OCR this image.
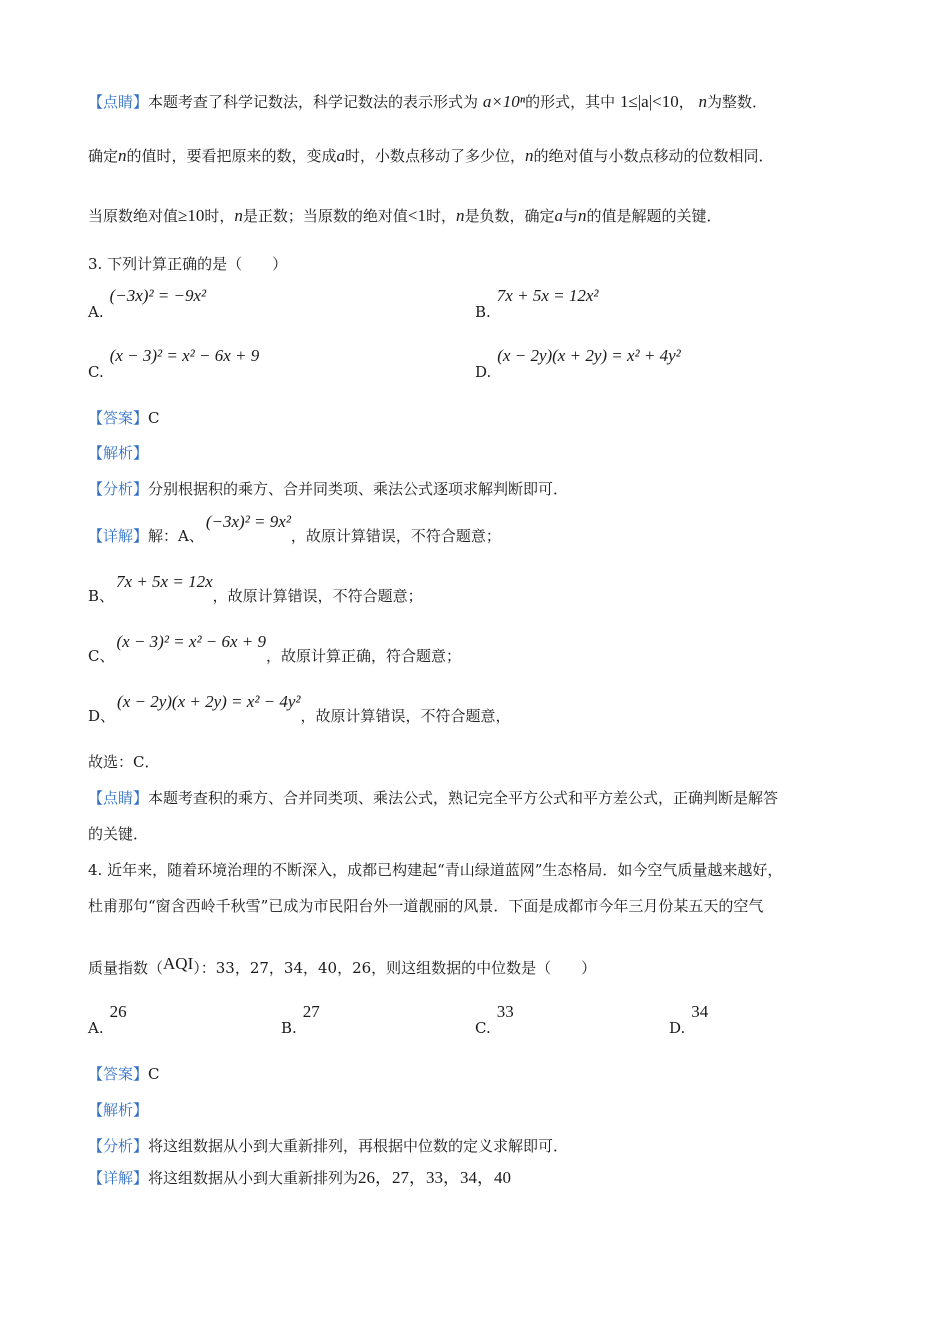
【点睛】本题考查了科学记数法，科学记数法的表示形式为 a×10ⁿ的形式，其中 1≤|a|<10， n为整数．
确定n的值时，要看把原来的数，变成a时，小数点移动了多少位，n的绝对值与小数点移动的位数相同．
当原数绝对值≥10时，n是正数；当原数的绝对值<1时，n是负数，确定a与n的值是解题的关键．
3. 下列计算正确的是（　　）
A.(−3x)² = −9x²
B.7x + 5x = 12x²
C.(x − 3)² = x² − 6x + 9
D.(x − 2y)(x + 2y) = x² + 4y²
【答案】C
【解析】
【分析】分别根据积的乘方、合并同类项、乘法公式逐项求解判断即可．
【详解】解：A、(−3x)² = 9x²，故原计算错误，不符合题意；
B、7x + 5x = 12x，故原计算错误，不符合题意；
C、(x − 3)² = x² − 6x + 9，故原计算正确，符合题意；
D、(x − 2y)(x + 2y) = x² − 4y²，故原计算错误，不符合题意，
故选：C．
【点睛】本题考查积的乘方、合并同类项、乘法公式，熟记完全平方公式和平方差公式，正确判断是解答
的关键．
4. 近年来，随着环境治理的不断深入，成都已构建起“青山绿道蓝网”生态格局．如今空气质量越来越好，
杜甫那句“窗含西岭千秋雪”已成为市民阳台外一道靓丽的风景．下面是成都市今年三月份某五天的空气
质量指数（AQI）：33，27，34，40，26，则这组数据的中位数是（　　）
A.26
B.27
C.33
D.34
【答案】C
【解析】
【分析】将这组数据从小到大重新排列，再根据中位数的定义求解即可．
【详解】将这组数据从小到大重新排列为26，27，33，34，40
